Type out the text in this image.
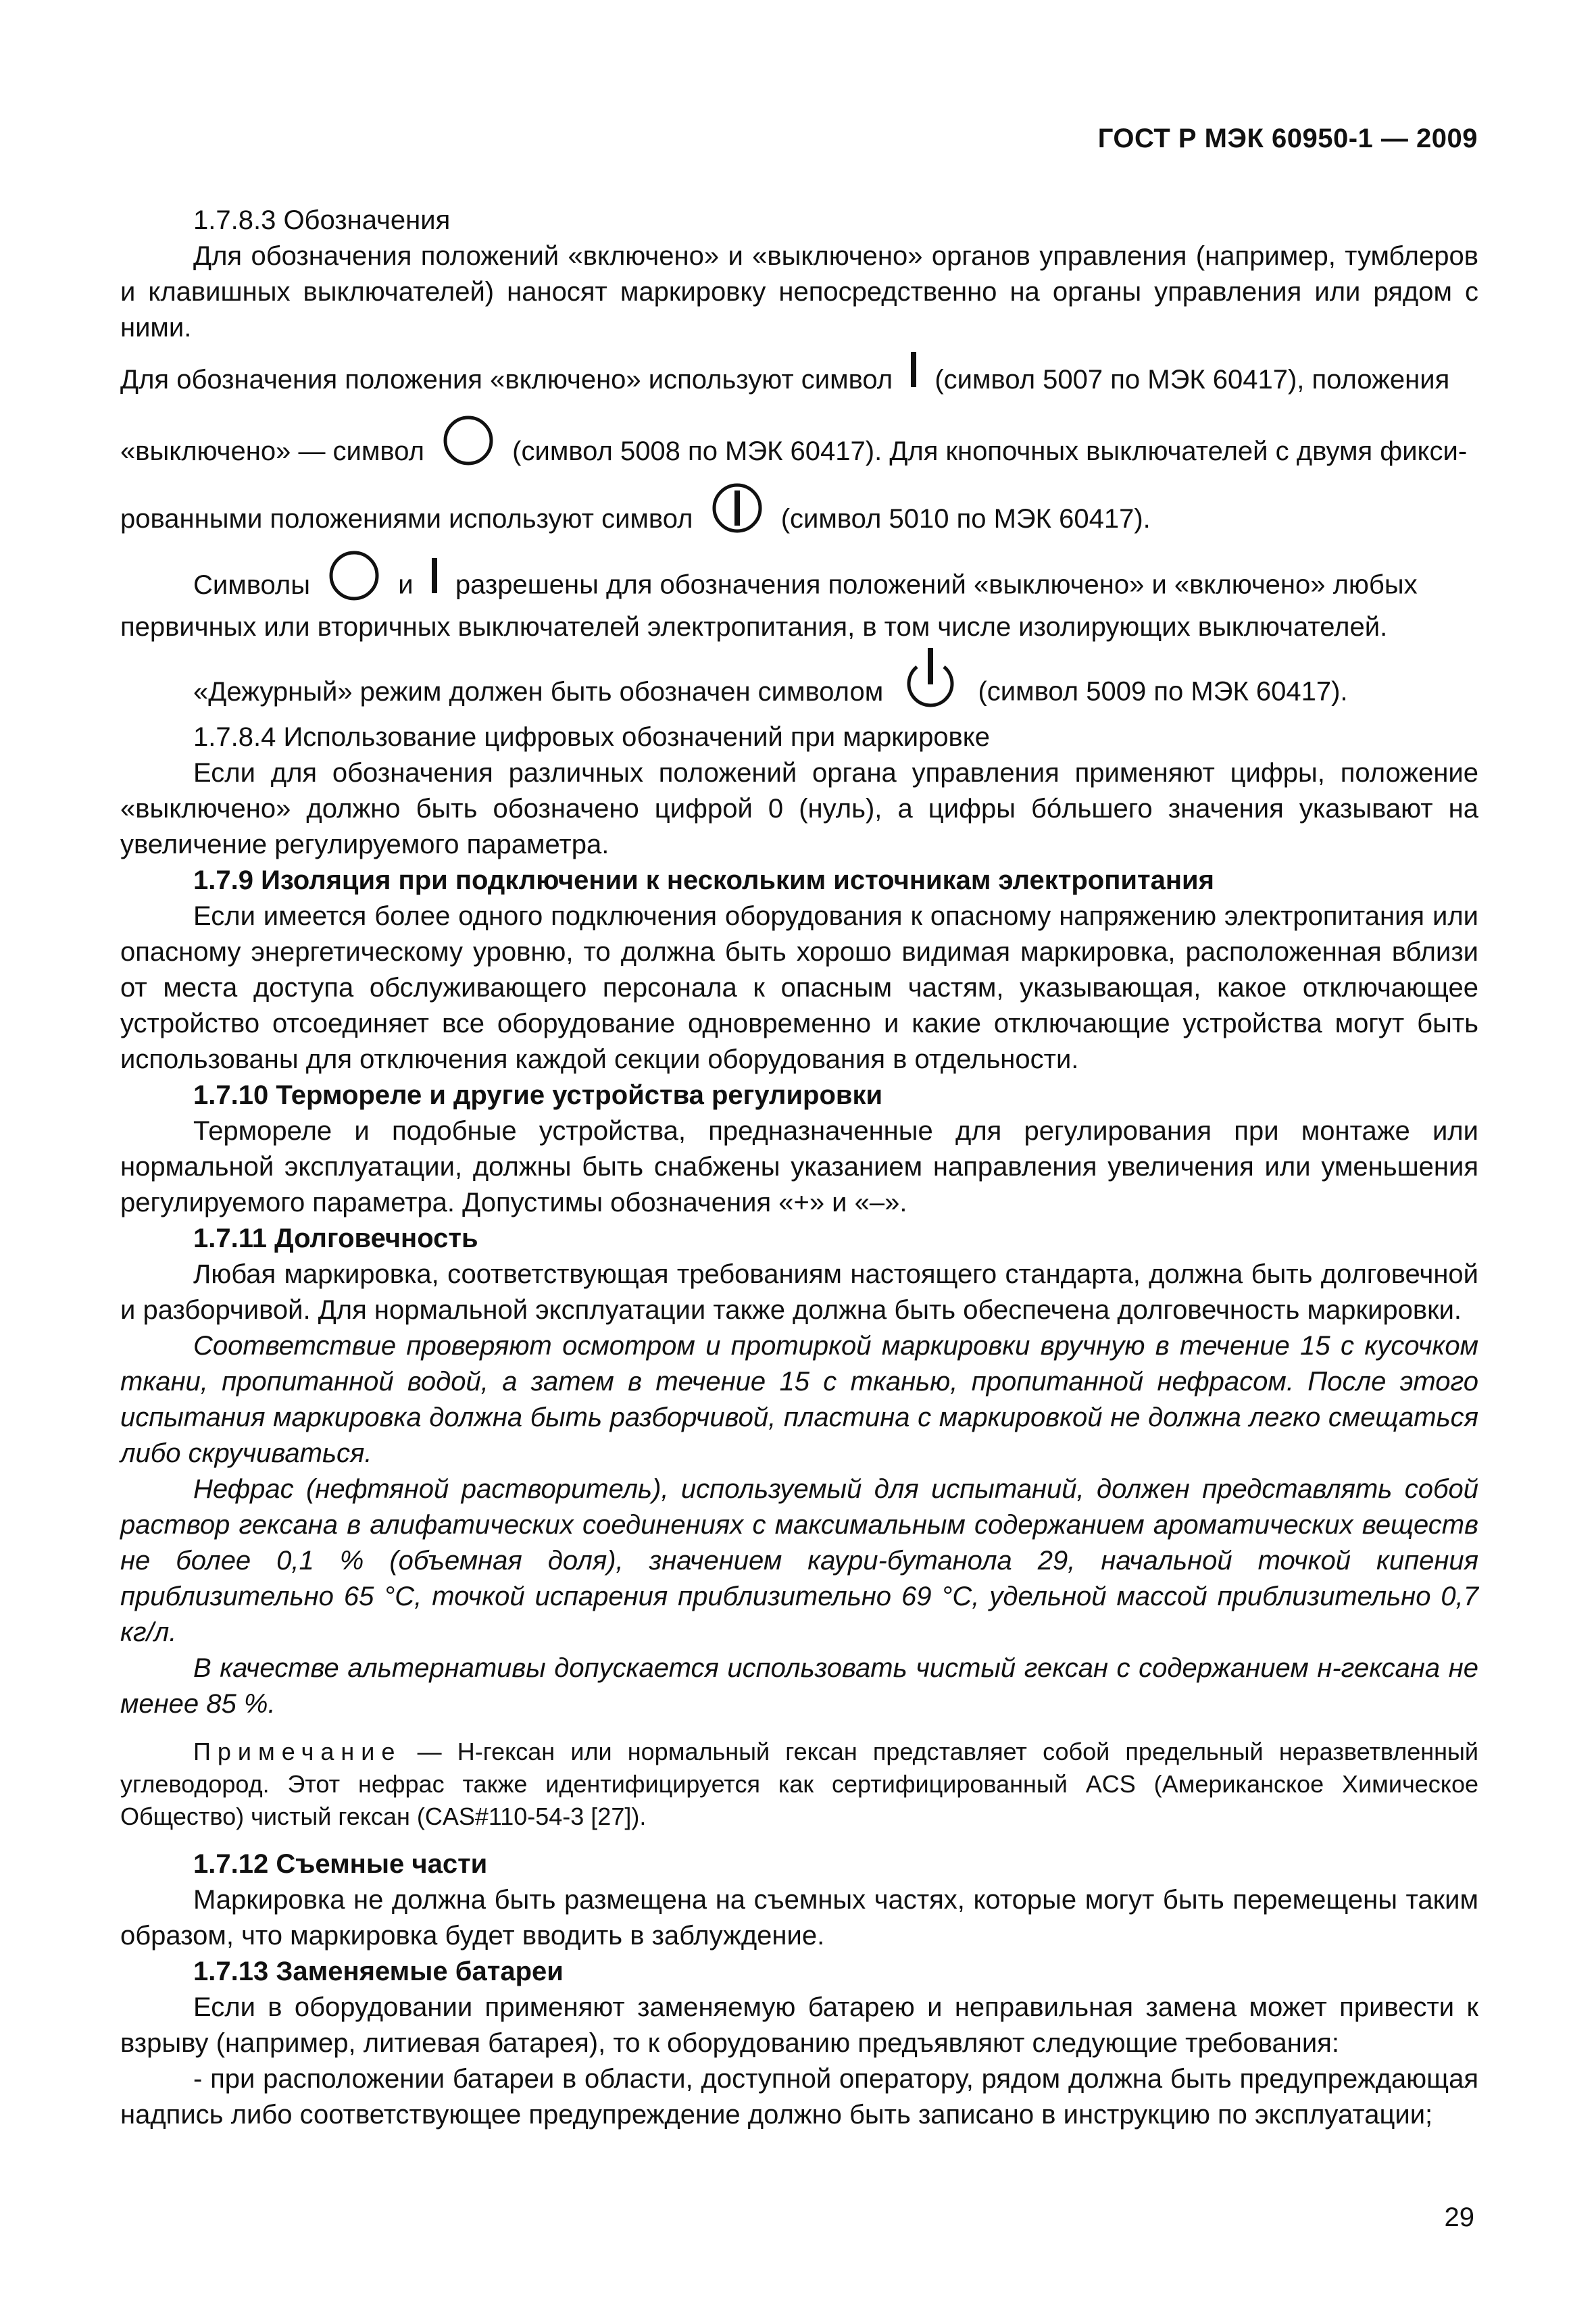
ГОСТ Р МЭК 60950-1 — 2009

1.7.8.3 Обозначения

Для обозначения положений «включено» и «выключено» органов управления (например, тумблеров и клавишных выключателей) наносят маркировку непосредственно на органы управления или рядом с ними.

Для обозначения положения «включено» используют символ (символ 5007 по МЭК 60417), положения

«выключено» — символ	(символ 5008 по МЭК 60417). Для кнопочных выключателей с двумя фикси-

рованными положениями используют символ	(символ 5010 по МЭК 60417).

Символы	и разрешены для обозначения положений «выключено» и «включено» любых

первичных или вторичных выключателей электропитания, в том числе изолирующих выключателей.

«Дежурный» режим должен быть обозначен символом	(символ 5009 по МЭК 60417).

1.7.8.4 Использование цифровых обозначений при маркировке

Если для обозначения различных положений органа управления применяют цифры, положение «выключено» должно быть обозначено цифрой 0 (нуль), а цифры бóльшего значения указывают на увеличение регулируемого параметра.

1.7.9 Изоляция при подключении к нескольким источникам электропитания

Если имеется более одного подключения оборудования к опасному напряжению электропитания или опасному энергетическому уровню, то должна быть хорошо видимая маркировка, расположенная вблизи от места доступа обслуживающего персонала к опасным частям, указывающая, какое отключающее устройство отсоединяет все оборудование одновременно и какие отключающие устройства могут быть использованы для отключения каждой секции оборудования в отдельности.

1.7.10 Термореле и другие устройства регулировки

Термореле и подобные устройства, предназначенные для регулирования при монтаже или нормальной эксплуатации, должны быть снабжены указанием направления увеличения или уменьшения регулируемого параметра. Допустимы обозначения «+» и «–».

1.7.11 Долговечность

Любая маркировка, соответствующая требованиям настоящего стандарта, должна быть долговечной и разборчивой. Для нормальной эксплуатации также должна быть обеспечена долговечность маркировки.

Соответствие проверяют осмотром и протиркой маркировки вручную в течение 15 с кусочком ткани, пропитанной водой, а затем в течение 15 с тканью, пропитанной нефрасом. После этого испытания маркировка должна быть разборчивой, пластина с маркировкой не должна легко смещаться либо скручиваться.

Нефрас (нефтяной растворитель), используемый для испытаний, должен представлять собой раствор гексана в алифатических соединениях с максимальным содержанием ароматических веществ не более 0,1 % (объемная доля), значением каури-бутанола 29, начальной точкой кипения приблизительно 65 °C, точкой испарения приблизительно 69 °C, удельной массой приблизительно 0,7 кг/л.

В качестве альтернативы допускается использовать чистый гексан с содержанием н-гексана не менее 85 %.

Примечание — Н-гексан или нормальный гексан представляет собой предельный неразветвленный углеводород. Этот нефрас также идентифицируется как сертифицированный ACS (Американское Химическое Общество) чистый гексан (CAS#110-54-3 [27]).

1.7.12 Съемные части

Маркировка не должна быть размещена на съемных частях, которые могут быть перемещены таким образом, что маркировка будет вводить в заблуждение.

1.7.13 Заменяемые батареи

Если в оборудовании применяют заменяемую батарею и неправильная замена может привести к взрыву (например, литиевая батарея), то к оборудованию предъявляют следующие требования:

- при расположении батареи в области, доступной оператору, рядом должна быть предупреждающая надпись либо соответствующее предупреждение должно быть записано в инструкцию по эксплуатации;

29
